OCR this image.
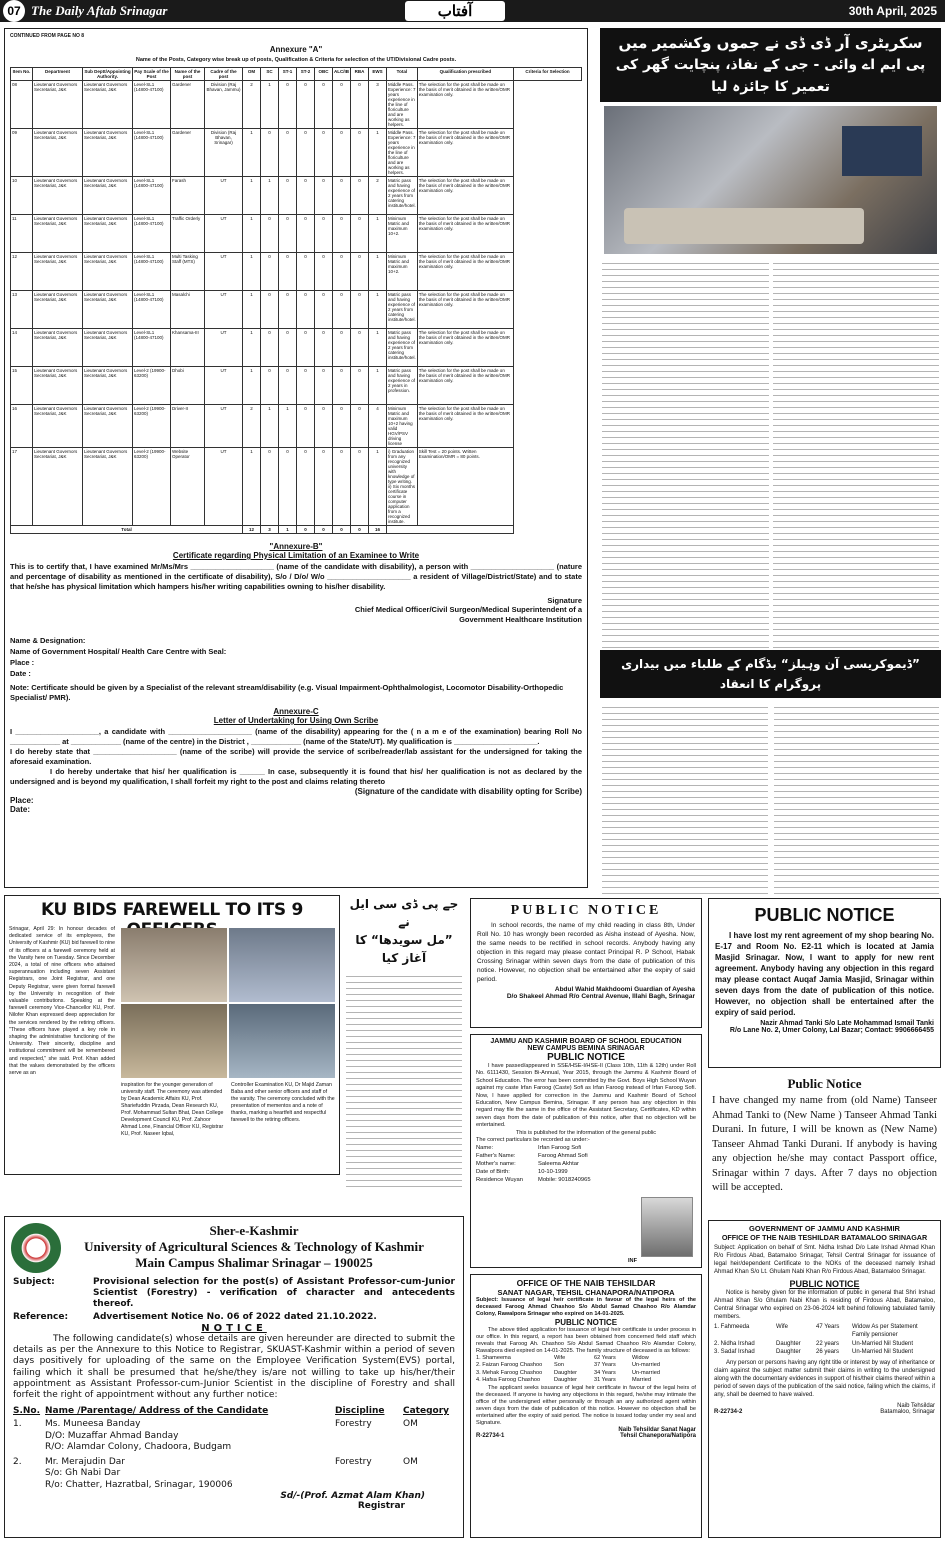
07 The Daily Aftab Srinagar	آفتاب	30th April, 2025
CONTINUED FROM PAGE NO 8
Annexure "A"
Name of the Posts, Category wise break up of posts, Qualification & Criteria for selection of the UT/Divisional Cadre posts.
Item No.	Department	Sub Deptt/Appointing Authority.	Pay Scale of the Post	Name of the post	Cadre of the post	OM	SC	ST-1	ST-2	OBC	ALC/IB	RBA	EWS	Total	Qualification prescribed	Criteria for Selection
08	Lieutenant Governors Secretariat, J&K	Lieutenant Governors Secretariat, J&K	Level-SL1 (14800-47100)	Gardener	Division (Raj Bhavan, Jammu)	2	1	0	0	0	0	0	3	Middle Pass. Experience: 7 years experience in the line of floriculture and are working as helpers.	The selection for the post shall be made on the basis of merit obtained in the written/OMR examination only.	
09	Lieutenant Governors Secretariat, J&K	Lieutenant Governors Secretariat, J&K	Level-SL1 (14800-47100)	Gardener	Division (Raj Bhavan, Srinagar)	1	0	0	0	0	0	0	1	Middle Pass. Experience: 7 years experience in the line of floriculture and are working as helpers.	The selection for the post shall be made on the basis of merit obtained in the written/OMR examination only.	
10	Lieutenant Governors Secretariat, J&K	Lieutenant Governors Secretariat, J&K	Level-SL1 (14800-47100)	Farash	UT	1	1	0	0	0	0	0	2	Matric pass and having experience of 2 years from catering institute/hotel.	The selection for the post shall be made on the basis of merit obtained in the written/OMR examination only.	
11	Lieutenant Governors Secretariat, J&K	Lieutenant Governors Secretariat, J&K	Level-SL1 (14800-47100)	Traffic Orderly	UT	1	0	0	0	0	0	0	1	Minimum Matric and maximum 10+2.	The selection for the post shall be made on the basis of merit obtained in the written/OMR examination only.	
12	Lieutenant Governors Secretariat, J&K	Lieutenant Governors Secretariat, J&K	Level-SL1 (14800-47100)	Multi Tasking Staff (MTS)	UT	1	0	0	0	0	0	0	1	Minimum Matric and maximum 10+2.	The selection for the post shall be made on the basis of merit obtained in the written/OMR examination only.	
13	Lieutenant Governors Secretariat, J&K	Lieutenant Governors Secretariat, J&K	Level-SL1 (14800-47100)	Masalchi	UT	1	0	0	0	0	0	0	1	Matric pass and having experience of 2 years from catering institute/hotel.	The selection for the post shall be made on the basis of merit obtained in the written/OMR examination only.	
14	Lieutenant Governors Secretariat, J&K	Lieutenant Governors Secretariat, J&K	Level-SL1 (14800-47100)	Khansama-III	UT	1	0	0	0	0	0	0	1	Matric pass and having experience of 2 years from catering institute/hotel.	The selection for the post shall be made on the basis of merit obtained in the written/OMR examination only.	
15	Lieutenant Governors Secretariat, J&K	Lieutenant Governors Secretariat, J&K	Level-2 (19900-63200)	Dhobi	UT	1	0	0	0	0	0	0	1	Matric pass and having experience of 2 years in profession.	The selection for the post shall be made on the basis of merit obtained in the written/OMR examination only.	
16	Lieutenant Governors Secretariat, J&K	Lieutenant Governors Secretariat, J&K	Level-2 (19900-63200)	Driver-II	UT	2	1	1	0	0	0	0	4	Minimum Matric and maximum 10+2 having valid HGV/PSV driving license	The selection for the post shall be made on the basis of merit obtained in the written/OMR examination only.	
17	Lieutenant Governors Secretariat, J&K	Lieutenant Governors Secretariat, J&K	Level-2 (19900-63200)	Website Operator	UT	1	0	0	0	0	0	0	1	i) Graduation from any recognized university with knowledge of type writing. ii) Six months certificate course in computer application from a recognized institute.	Skill Test = 20 points. Written Examination/OMR = 80 points.	
Total						12	3	1	0	0	0	0	16			
"Annexure-B"
Certificate regarding Physical Limitation of an Examinee to Write
This is to certify that, I have examined Mr/Ms/Mrs ____________________ (name of the candidate with disability), a person with ____________________ (nature and percentage of disability as mentioned in the certificate of disability), S/o / D/o/ W/o ____________________ a resident of Village/District/State) and to state that he/she has physical limitation which hampers his/her writing capabilities owning to his/her disability.
Signature
Chief Medical Officer/Civil Surgeon/Medical Superintendent of a Government Healthcare Institution
Name & Designation:
Name of Government Hospital/ Health Care Centre with Seal:
Place :
Date :
Note: Certificate should be given by a Specialist of the relevant stream/disability (e.g. Visual Impairment-Ophthalmologist, Locomotor Disability-Orthopedic Specialist/ PMR).
Annexure-C
Letter of Undertaking for Using Own Scribe
I ____________________, a candidate with ____________________ (name of the disability) appearing for the ( n a m e of the examination) bearing Roll No ____________ at ____________ (name of the centre) in the District , ____________ (name of the State/UT). My qualification is ____________________.
I do hereby state that ____________________ (name of the scribe) will provide the service of scribe/reader/lab assistant for the undersigned for taking the aforesaid examination.
I do hereby undertake that his/ her qualification is ______ In case, subsequently it is found that his/ her qualification is not as declared by the undersigned and is beyond my qualification, I shall forfeit my right to the post and claims relating thereto
(Signature of the candidate with disability opting for Scribe)
Place:
Date:
سکریٹری آر ڈی ڈی نے جموں وکشمیر میں
پی ایم اے وائی - جی کے نفاذ، پنچایت گھر کی تعمیر کا جائزہ لیا
”ڈیموکریسی آن وہیلز“ بڈگام کے طلباء میں بیداری پروگرام کا انعقاد
KU BIDS FAREWELL TO ITS 9
Srinagar, April 29: In honour decades of dedicated service of its employees, the University of Kashmir (KU) bid farewell to nine of its officers at a farewell ceremony held at the Varsity here on Tuesday. Since December 2024, a total of nine officers who attained superannuation including seven Assistant Registrars, one Joint Registrar, and one Deputy Registrar, were given formal farewell by the University in recognition of their valuable contributions. Speaking at the farewell ceremony Vice-Chancellor KU, Prof. Nilofer Khan expressed deep appreciation for the services rendered by the retiring officers. "These officers have played a key role in shaping the administrative functioning of the University. Their sincerity, discipline and institutional commitment will be remembered and respected," she said. Prof. Khan added that the values demonstrated by the officers serve as an
inspiration for the younger generation of university staff. The ceremony was attended by Dean Academic Affairs KU, Prof. Shariefuddin Pirzada, Dean Research KU, Prof. Mohammad Sultan Bhat, Dean College Development Council KU, Prof. Zahoor Ahmad Lone, Financial Officer KU, Registrar KU, Prof. Naseer Iqbal,
Controller Examination KU, Dr Majid Zaman Baba and other senior officers and staff of the varsity. The ceremony concluded with the presentation of mementos and a note of thanks, marking a heartfelt and respectful farewell to the retiring officers.
جے پی ڈی سی ایل نے
”مل سویدھا“ کا آغاز کیا
PUBLIC NOTICE
In school records, the name of my child reading in class 8th, Under Roll No. 10 has wrongly been recorded as Aisha instead of Ayesha. Now, the same needs to be rectified in school records. Anybody having any objection in this regard may please contact Principal R. P School, Habak Crossing Srinagar within seven days from the date of publication of this notice. However, no objection shall be entertained after the expiry of said period.
Abdul Wahid Makhdoomi Guardian of Ayesha
D/o Shakeel Ahmad R/o Central Avenue, Illahi Bagh, Srinagar
PUBLIC NOTICE
I have lost my rent agreement of my shop bearing No. E-17 and Room No. E2-11 which is located at Jamia Masjid Srinagar. Now, I want to apply for new rent agreement. Anybody having any objection in this regard may please contact Auqaf Jamia Masjid, Srinagar within seven days from the date of publication of this notice. However, no objection shall be entertained after the expiry of said period.
Nazir Ahmad Tanki S/o Late Mohammad Ismail Tanki
R/o Lane No. 2, Umer Colony, Lal Bazar; Contact: 9906666455
JAMMU AND KASHMIR BOARD OF SCHOOL EDUCATION
NEW CAMPUS BEMINA SRINAGAR
PUBLIC NOTICE
I have passed/appeared in SSE/HSE-I/HSE-II (Class 10th, 11th & 12th) under Roll No. 6111430, Session Bi-Annual, Year 2015, through the Jammu & Kashmir Board of School Education. The error has been committed by the Govt. Boys High School Wuyan against my caste Irfan Faroog (Caste) Sofi as Irfan Faroog instead of Irfan Faroog Sofi. Now, I have applied for correction in the Jammu and Kashmir Board of School Education, New Campus Bemina, Srinagar. If any person has any objection in this regard may file the same in the office of the Assistant Secretary, Certificates, KD within seven days from the date of publication of this notice, after that no objection will be entertained.
This is published for the information of the general public
The correct particulars be recorded as under:-
Name:	Irfan Faroog Sofi
Father's Name:	Faroog Ahmad Sofi
Mother's name:	Saleema Akhtar
Date of Birth:	10-10-1999
Residence Wuyan	Mobile: 9018240965
INF
Public Notice
I have changed my name from (old Name) Tanseer Ahmad Tanki to (New Name ) Tanseer Ahmad Tanki Durani. In future, I will be known as (New Name) Tanseer Ahmad Tanki Durani. If anybody is having any objection he/she may contact Passport office, Srinagar within 7 days. After 7 days no objection will be accepted.
Sher-e-Kashmir
University of Agricultural Sciences & Technology of Kashmir
Main Campus Shalimar Srinagar – 190025
Subject:	Provisional selection for the post(s) of Assistant Professor-cum-Junior Scientist (Forestry) - verification of character and antecedents thereof.
Reference:	Advertisement Notice No. 06 of 2022 dated 21.10.2022.
NOTICE
The following candidate(s) whose details are given hereunder are directed to submit the details as per the Annexure to this Notice to Registrar, SKUAST-Kashmir within a period of seven days positively for uploading of the same on the Employee Verification System(EVS) portal, failing which it shall be presumed that he/she/they is/are not willing to take up his/her/their appointment as Assistant Professor-cum-Junior Scientist in the discipline of Forestry and shall forfeit the right of appointment without any further notice:
S.No. Name /Parentage/ Address of the Candidate	Discipline	Category
1.	Ms. Muneesa Banday
D/O: Muzaffar Ahmad Banday
R/O: Alamdar Colony, Chadoora, Budgam
Forestry	OM
2.	Mr. Merajudin Dar
S/o: Gh Nabi Dar
R/o: Chatter, Hazratbal, Srinagar, 190006
Forestry	OM
Sd/-(Prof. Azmat Alam Khan)
Registrar
OFFICE OF THE NAIB TEHSILDAR
SANAT NAGAR, TEHSIL CHANAPORA/NATIPORA
Subject: Issuance of legal heir certificate in favour of the legal heirs of the deceased Faroog Ahmad Chashoo S/o Abdul Samad Chashoo R/o Alamdar Colony, Rawalpora Srinagar who expired on 14-01-2025.
PUBLIC NOTICE
The above titled application for issuance of legal heir certificate is under process in our office. In this regard, a report has been obtained from concerned field staff which reveals that Faroog Ah. Chashoo S/o Abdul Samad Chashoo R/o Alamdar Colony, Rawalpora died expired on 14-01-2025. The family structure of deceased is as follows:
1. Shameema	Wife	62 Years	Widow
2. Faizan Faroog Chashoo	Son	37 Years	Un-married
3. Mehak Faroog Chashoo	Daughter	34 Years	Un-married
4. Hafsa Faroog Chashoo	Daughter	31 Years	Married
The applicant seeks issuance of legal heir certificate in favour of the legal heirs of the deceased. If anyone is having any objections in this regard, he/she may intimate the office of the undersigned either personally or through an any authorized agent within seven days from the date of publication of this notice. However no objection shall be entertained after the expiry of said period. The notice is issued today under my seal and Signature.
Naib Tehsildar Sanat Nagar
R-22734-1	Tehsil Chanepora/Natipora
GOVERNMENT OF JAMMU AND KASHMIR
OFFICE OF THE NAIB TESHILDAR BATAMALOO SRINAGAR
Subject: Application on behalf of Smt. Nidha Irshad D/o Late Irshad Ahmad Khan R/o Firdous Abad, Batamaloo Srinagar, Tehsil Central Srinagar for issuance of legal heir/dependent Certificate to the NOKs of the deceased namely Irshad Ahmad Khan S/o Lt. Ghulam Nabi Khan R/o Firdous Abad, Batamaloo Srinagar.
PUBLIC NOTICE
Notice is hereby given for the information of public in general that Shri Irshad Ahmad Khan S/o Ghulam Nabi Khan is residing of Firdous Abad, Batamaloo, Central Srinagar who expired on 23-06-2024 left behind following tabulated family members.
1. Fahmeeda	Wife	47 Years	Widow As per Statement Family pensioner
2. Nidha Irshad	Daughter	22 years	Un-Married Nil Student
3. Sadaf Irshad	Daughter	26 years	Un-Married Nil Student
Any person or persons having any right title or interest by way of inheritance or claim against the subject matter submit their claims in writing to the undersigned along with the documentary evidences in support of his/their claims thereof within a period of seven days of the publication of the said notice, failing which the claims, if any, shall be deemed to have waived.
Naib Tehsildar
R-22734-2	Batamaloo, Srinagar
